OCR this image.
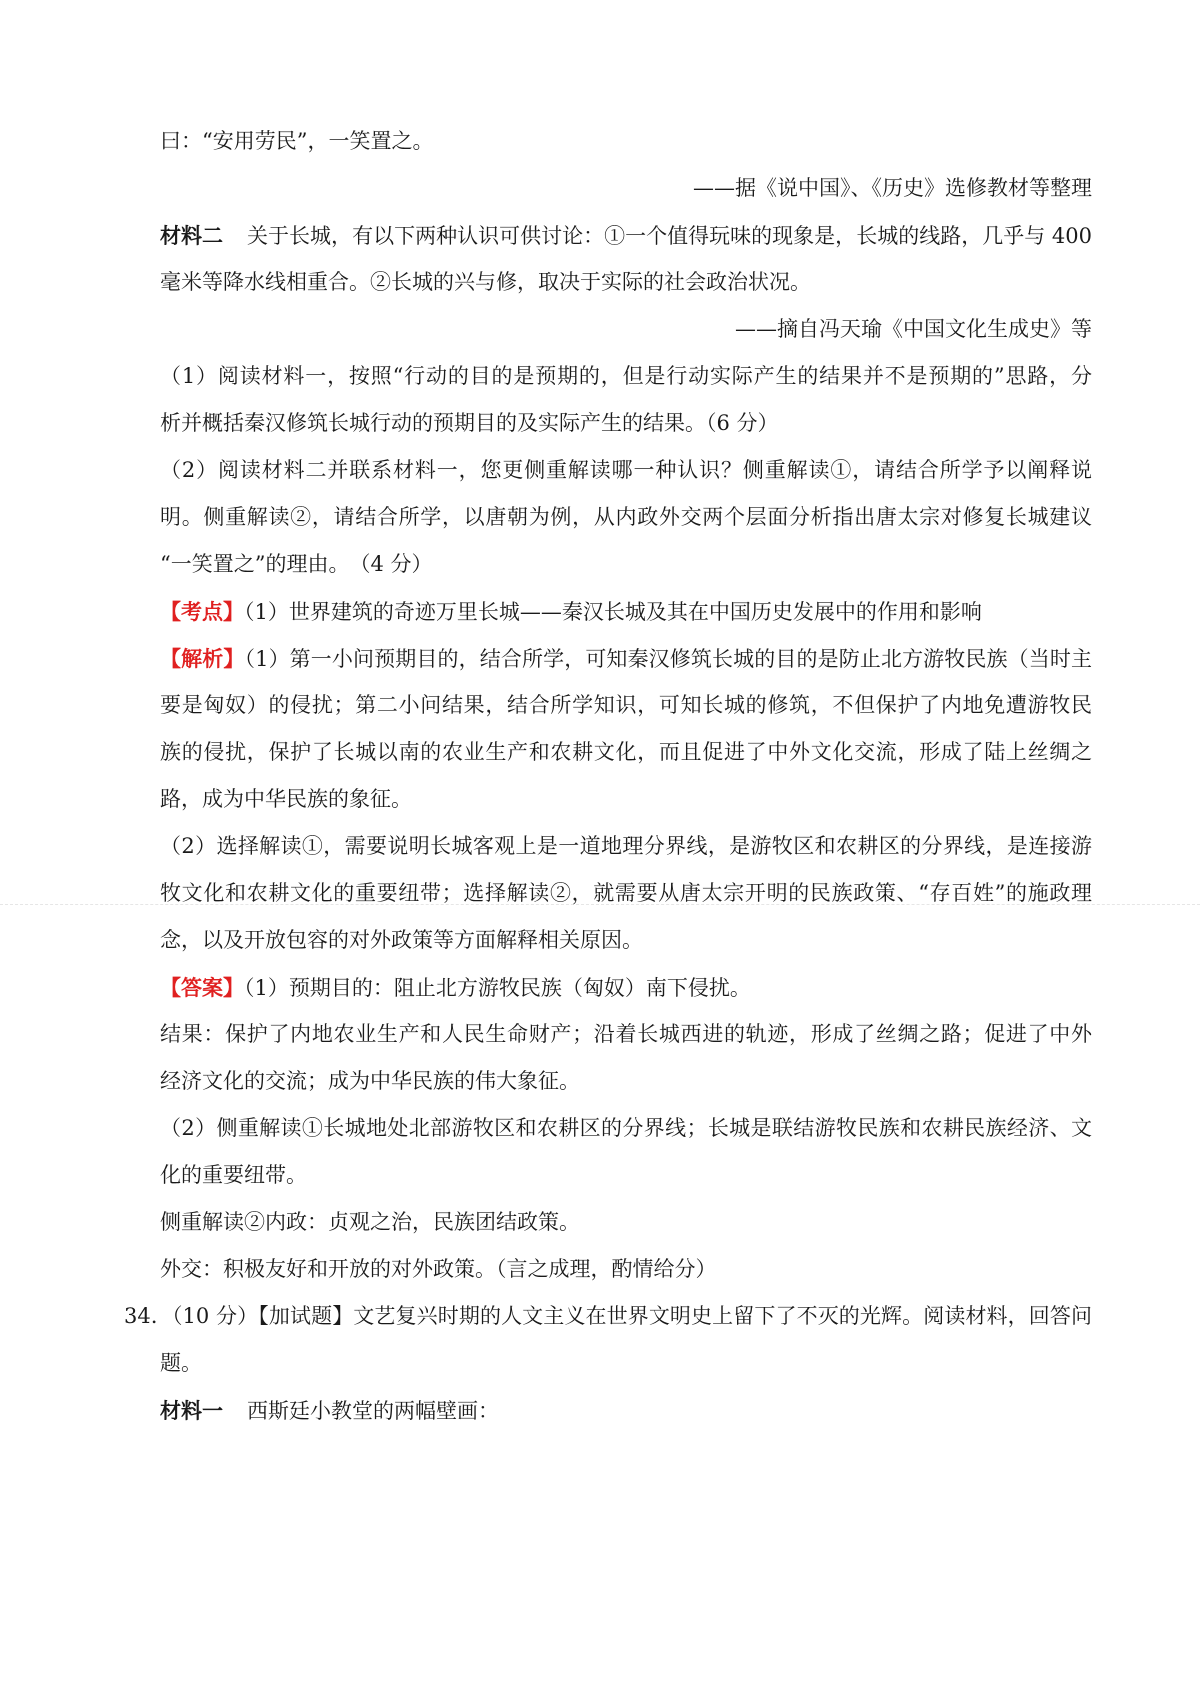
曰：“安用劳民”，一笑置之。
——据《说中国》、《历史》选修教材等整理
材料二 关于长城，有以下两种认识可供讨论：①一个值得玩味的现象是，长城的线路，几乎与 400
毫米等降水线相重合。②长城的兴与修，取决于实际的社会政治状况。
——摘自冯天瑜《中国文化生成史》等
（1）阅读材料一，按照“行动的目的是预期的，但是行动实际产生的结果并不是预期的”思路，分
析并概括秦汉修筑长城行动的预期目的及实际产生的结果。（6 分）
（2）阅读材料二并联系材料一，您更侧重解读哪一种认识？侧重解读①，请结合所学予以阐释说
明。侧重解读②，请结合所学，以唐朝为例，从内政外交两个层面分析指出唐太宗对修复长城建议
“一笑置之”的理由。　（4 分）
【考点】（1）世界建筑的奇迹万里长城——秦汉长城及其在中国历史发展中的作用和影响
【解析】（1）第一小问预期目的，结合所学，可知秦汉修筑长城的目的是防止北方游牧民族（当时主
要是匈奴）的侵扰；第二小问结果，结合所学知识，可知长城的修筑，不但保护了内地免遭游牧民
族的侵扰，保护了长城以南的农业生产和农耕文化，而且促进了中外文化交流，形成了陆上丝绸之
路，成为中华民族的象征。
（2）选择解读①，需要说明长城客观上是一道地理分界线，是游牧区和农耕区的分界线，是连接游
牧文化和农耕文化的重要纽带；选择解读②，就需要从唐太宗开明的民族政策、“存百姓”的施政理
念，以及开放包容的对外政策等方面解释相关原因。
【答案】（1）预期目的：阻止北方游牧民族（匈奴）南下侵扰。
结果：保护了内地农业生产和人民生命财产；沿着长城西进的轨迹，形成了丝绸之路；促进了中外
经济文化的交流；成为中华民族的伟大象征。
（2）侧重解读①长城地处北部游牧区和农耕区的分界线；长城是联结游牧民族和农耕民族经济、文
化的重要纽带。
侧重解读②内政：贞观之治，民族团结政策。
外交：积极友好和开放的对外政策。（言之成理，酌情给分）
34．（10 分）【加试题】文艺复兴时期的人文主义在世界文明史上留下了不灭的光辉。阅读材料，回答问
题。
材料一 西斯廷小教堂的两幅壁画：
